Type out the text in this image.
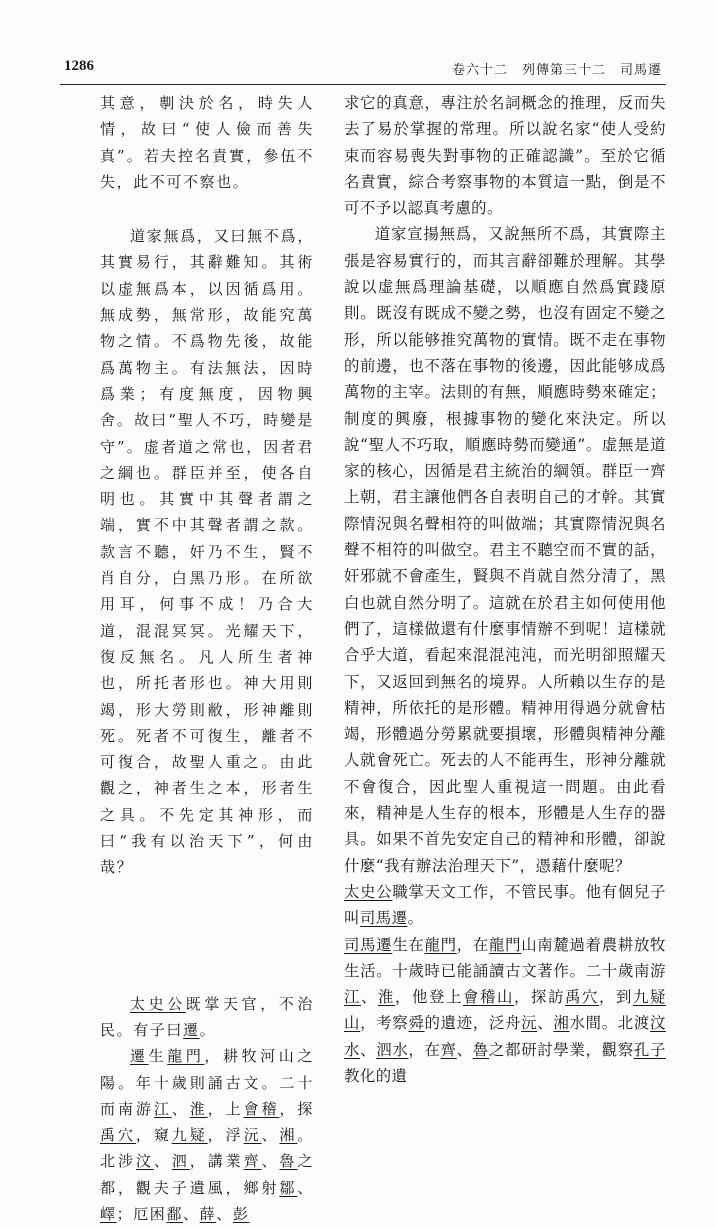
1286	卷六十二　列傳第三十二　司馬遷

其意，剸決於名，時失人情，故曰“使人儉而善失真”。若夫控名責實，參伍不失，此不可不察也。

道家無爲，又曰無不爲，其實易行，其辭難知。其術以虚無爲本，以因循爲用。無成勢，無常形，故能究萬物之情。不爲物先後，故能爲萬物主。有法無法，因時爲業；有度無度，因物興舍。故曰“聖人不巧，時變是守”。虚者道之常也，因者君之綱也。群臣并至，使各自明也。其實中其聲者謂之端，實不中其聲者謂之款。款言不聽，奸乃不生，賢不肖自分，白黑乃形。在所欲用耳，何事不成！乃合大道，混混冥冥。光耀天下，復反無名。凡人所生者神也，所托者形也。神大用則竭，形大勞則敝，形神離則死。死者不可復生，離者不可復合，故聖人重之。由此觀之，神者生之本，形者生之具。不先定其神形，而曰“我有以治天下”，何由哉？

太史公既掌天官，不治民。有子曰遷。

遷生龍門，耕牧河山之陽。年十歲則誦古文。二十而南游江、淮，上會稽，探禹穴，窺九疑，浮沅、湘。北涉汶、泗，講業齊、魯之都，觀夫子遺風，鄉射鄒、嶧；厄困鄱、薛、彭

求它的真意，專注於名詞概念的推理，反而失去了易於掌握的常理。所以說名家“使人受約束而容易喪失對事物的正確認識”。至於它循名責實，綜合考察事物的本質這一點，倒是不可不予以認真考慮的。

道家宣揚無爲，又說無所不爲，其實際主張是容易實行的，而其言辭卻難於理解。其學說以虚無爲理論基礎，以順應自然爲實踐原則。既沒有既成不變之勢，也沒有固定不變之形，所以能够推究萬物的實情。既不走在事物的前邊，也不落在事物的後邊，因此能够成爲萬物的主宰。法則的有無，順應時勢來確定；制度的興廢，根據事物的變化來決定。所以說“聖人不巧取，順應時勢而變通”。虚無是道家的核心，因循是君主統治的綱領。群臣一齊上朝，君主讓他們各自表明自己的才幹。其實際情況與名聲相符的叫做端；其實際情況與名聲不相符的叫做空。君主不聽空而不實的話，奸邪就不會產生，賢與不肖就自然分清了，黑白也就自然分明了。這就在於君主如何使用他們了，這樣做還有什麼事情辦不到呢！這樣就合乎大道，看起來混混沌沌，而光明卻照耀天下，又返回到無名的境界。人所賴以生存的是精神，所依托的是形體。精神用得過分就會枯竭，形體過分勞累就要損壞，形體與精神分離人就會死亡。死去的人不能再生，形神分離就不會復合，因此聖人重視這一問題。由此看來，精神是人生存的根本，形體是人生存的器具。如果不首先安定自己的精神和形體，卻說什麼“我有辦法治理天下”，憑藉什麼呢？

太史公職掌天文工作，不管民事。他有個兒子叫司馬遷。

司馬遷生在龍門，在龍門山南麓過着農耕放牧生活。十歲時已能誦讀古文著作。二十歲南游江、淮，他登上會稽山，探訪禹穴，到九疑山，考察舜的遺迹，泛舟沅、湘水間。北渡汶水、泗水，在齊、魯之都研討學業，觀察孔子教化的遺
